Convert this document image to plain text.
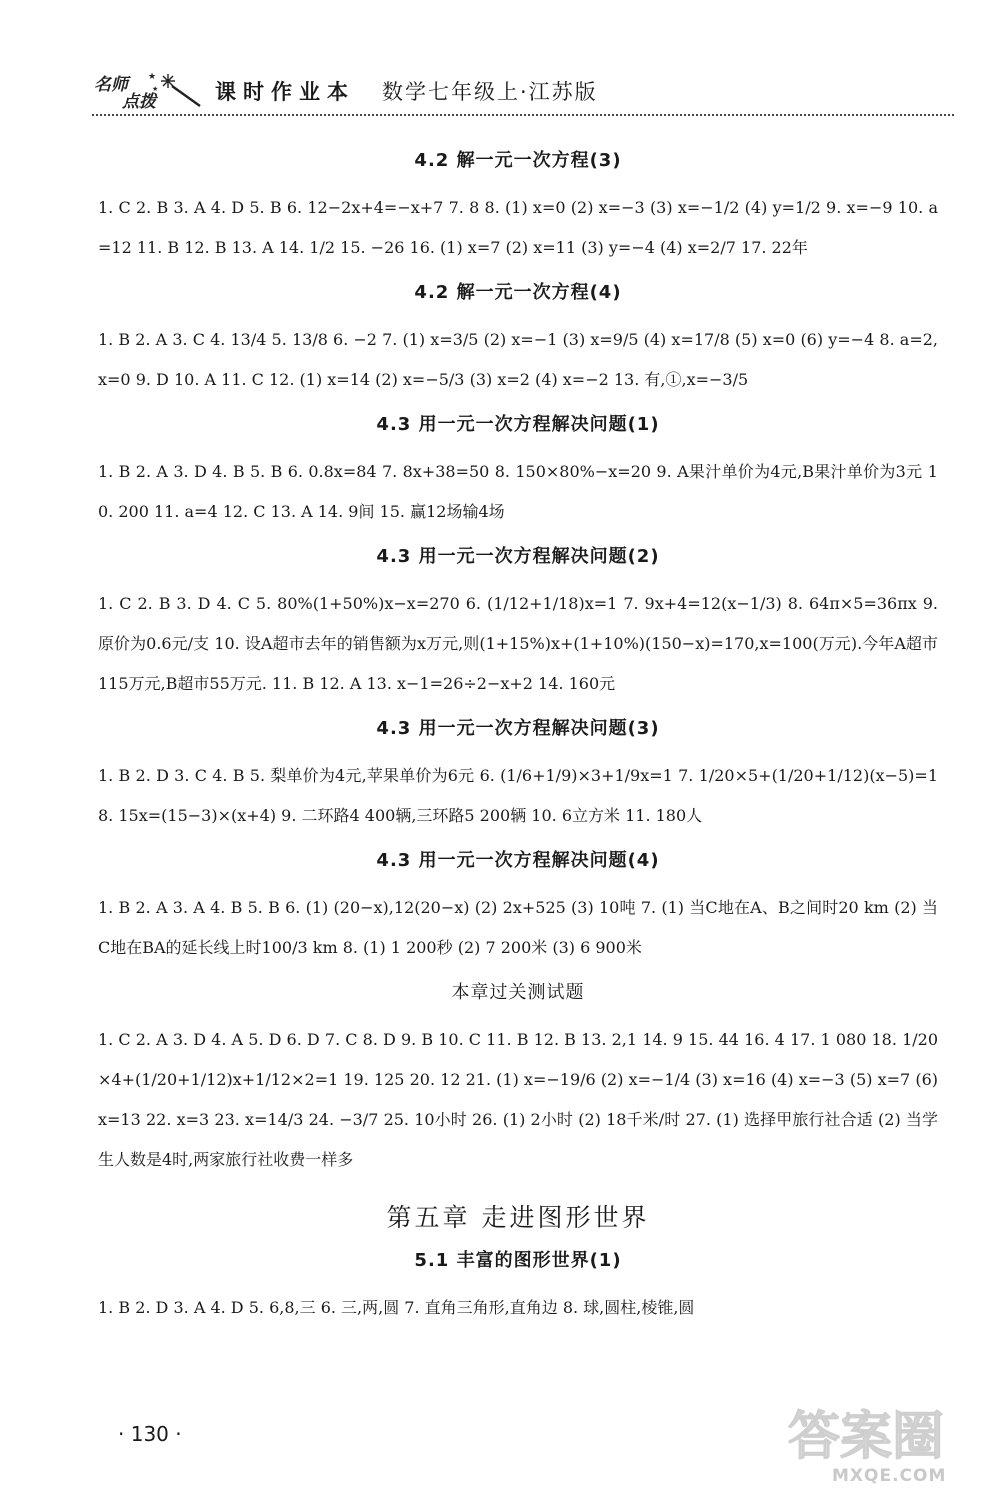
名师
点拨
★
★	课时作业本 数学七年级上·江苏版
4.2 解一元一次方程(3)
1. C 2. B 3. A 4. D 5. B 6. 12−2x+4=−x+7 7. 8 8. (1) x=0 (2) x=−3 (3) x=−1/2 (4) y=1/2 9. x=−9 10. a=12 11. B 12. B 13. A 14. 1/2 15. −26 16. (1) x=7 (2) x=11 (3) y=−4 (4) x=2/7 17. 22年
4.2 解一元一次方程(4)
1. B 2. A 3. C 4. 13/4 5. 13/8 6. −2 7. (1) x=3/5 (2) x=−1 (3) x=9/5 (4) x=17/8 (5) x=0 (6) y=−4 8. a=2,x=0 9. D 10. A 11. C 12. (1) x=14 (2) x=−5/3 (3) x=2 (4) x=−2 13. 有,①,x=−3/5
4.3 用一元一次方程解决问题(1)
1. B 2. A 3. D 4. B 5. B 6. 0.8x=84 7. 8x+38=50 8. 150×80%−x=20 9. A果汁单价为4元,B果汁单价为3元 10. 200 11. a=4 12. C 13. A 14. 9间 15. 赢12场输4场
4.3 用一元一次方程解决问题(2)
1. C 2. B 3. D 4. C 5. 80%(1+50%)x−x=270 6. (1/12+1/18)x=1 7. 9x+4=12(x−1/3) 8. 64π×5=36πx 9. 原价为0.6元/支 10. 设A超市去年的销售额为x万元,则(1+15%)x+(1+10%)(150−x)=170,x=100(万元).今年A超市115万元,B超市55万元. 11. B 12. A 13. x−1=26÷2−x+2 14. 160元
4.3 用一元一次方程解决问题(3)
1. B 2. D 3. C 4. B 5. 梨单价为4元,苹果单价为6元 6. (1/6+1/9)×3+1/9x=1 7. 1/20×5+(1/20+1/12)(x−5)=1 8. 15x=(15−3)×(x+4) 9. 二环路4 400辆,三环路5 200辆 10. 6立方米 11. 180人
4.3 用一元一次方程解决问题(4)
1. B 2. A 3. A 4. B 5. B 6. (1) (20−x),12(20−x) (2) 2x+525 (3) 10吨 7. (1) 当C地在A、B之间时20 km (2) 当C地在BA的延长线上时100/3 km 8. (1) 1 200秒 (2) 7 200米 (3) 6 900米
本章过关测试题
1. C 2. A 3. D 4. A 5. D 6. D 7. C 8. D 9. B 10. C 11. B 12. B 13. 2,1 14. 9 15. 44 16. 4 17. 1 080 18. 1/20×4+(1/20+1/12)x+1/12×2=1 19. 125 20. 12 21. (1) x=−19/6 (2) x=−1/4 (3) x=16 (4) x=−3 (5) x=7 (6) x=13 22. x=3 23. x=14/3 24. −3/7 25. 10小时 26. (1) 2小时 (2) 18千米/时 27. (1) 选择甲旅行社合适 (2) 当学生人数是4时,两家旅行社收费一样多
第五章 走进图形世界
5.1 丰富的图形世界(1)
1. B 2. D 3. A 4. D 5. 6,8,三 6. 三,两,圆 7. 直角三角形,直角边 8. 球,圆柱,棱锥,圆
· 130 ·	答案圈
MXQE.COM
